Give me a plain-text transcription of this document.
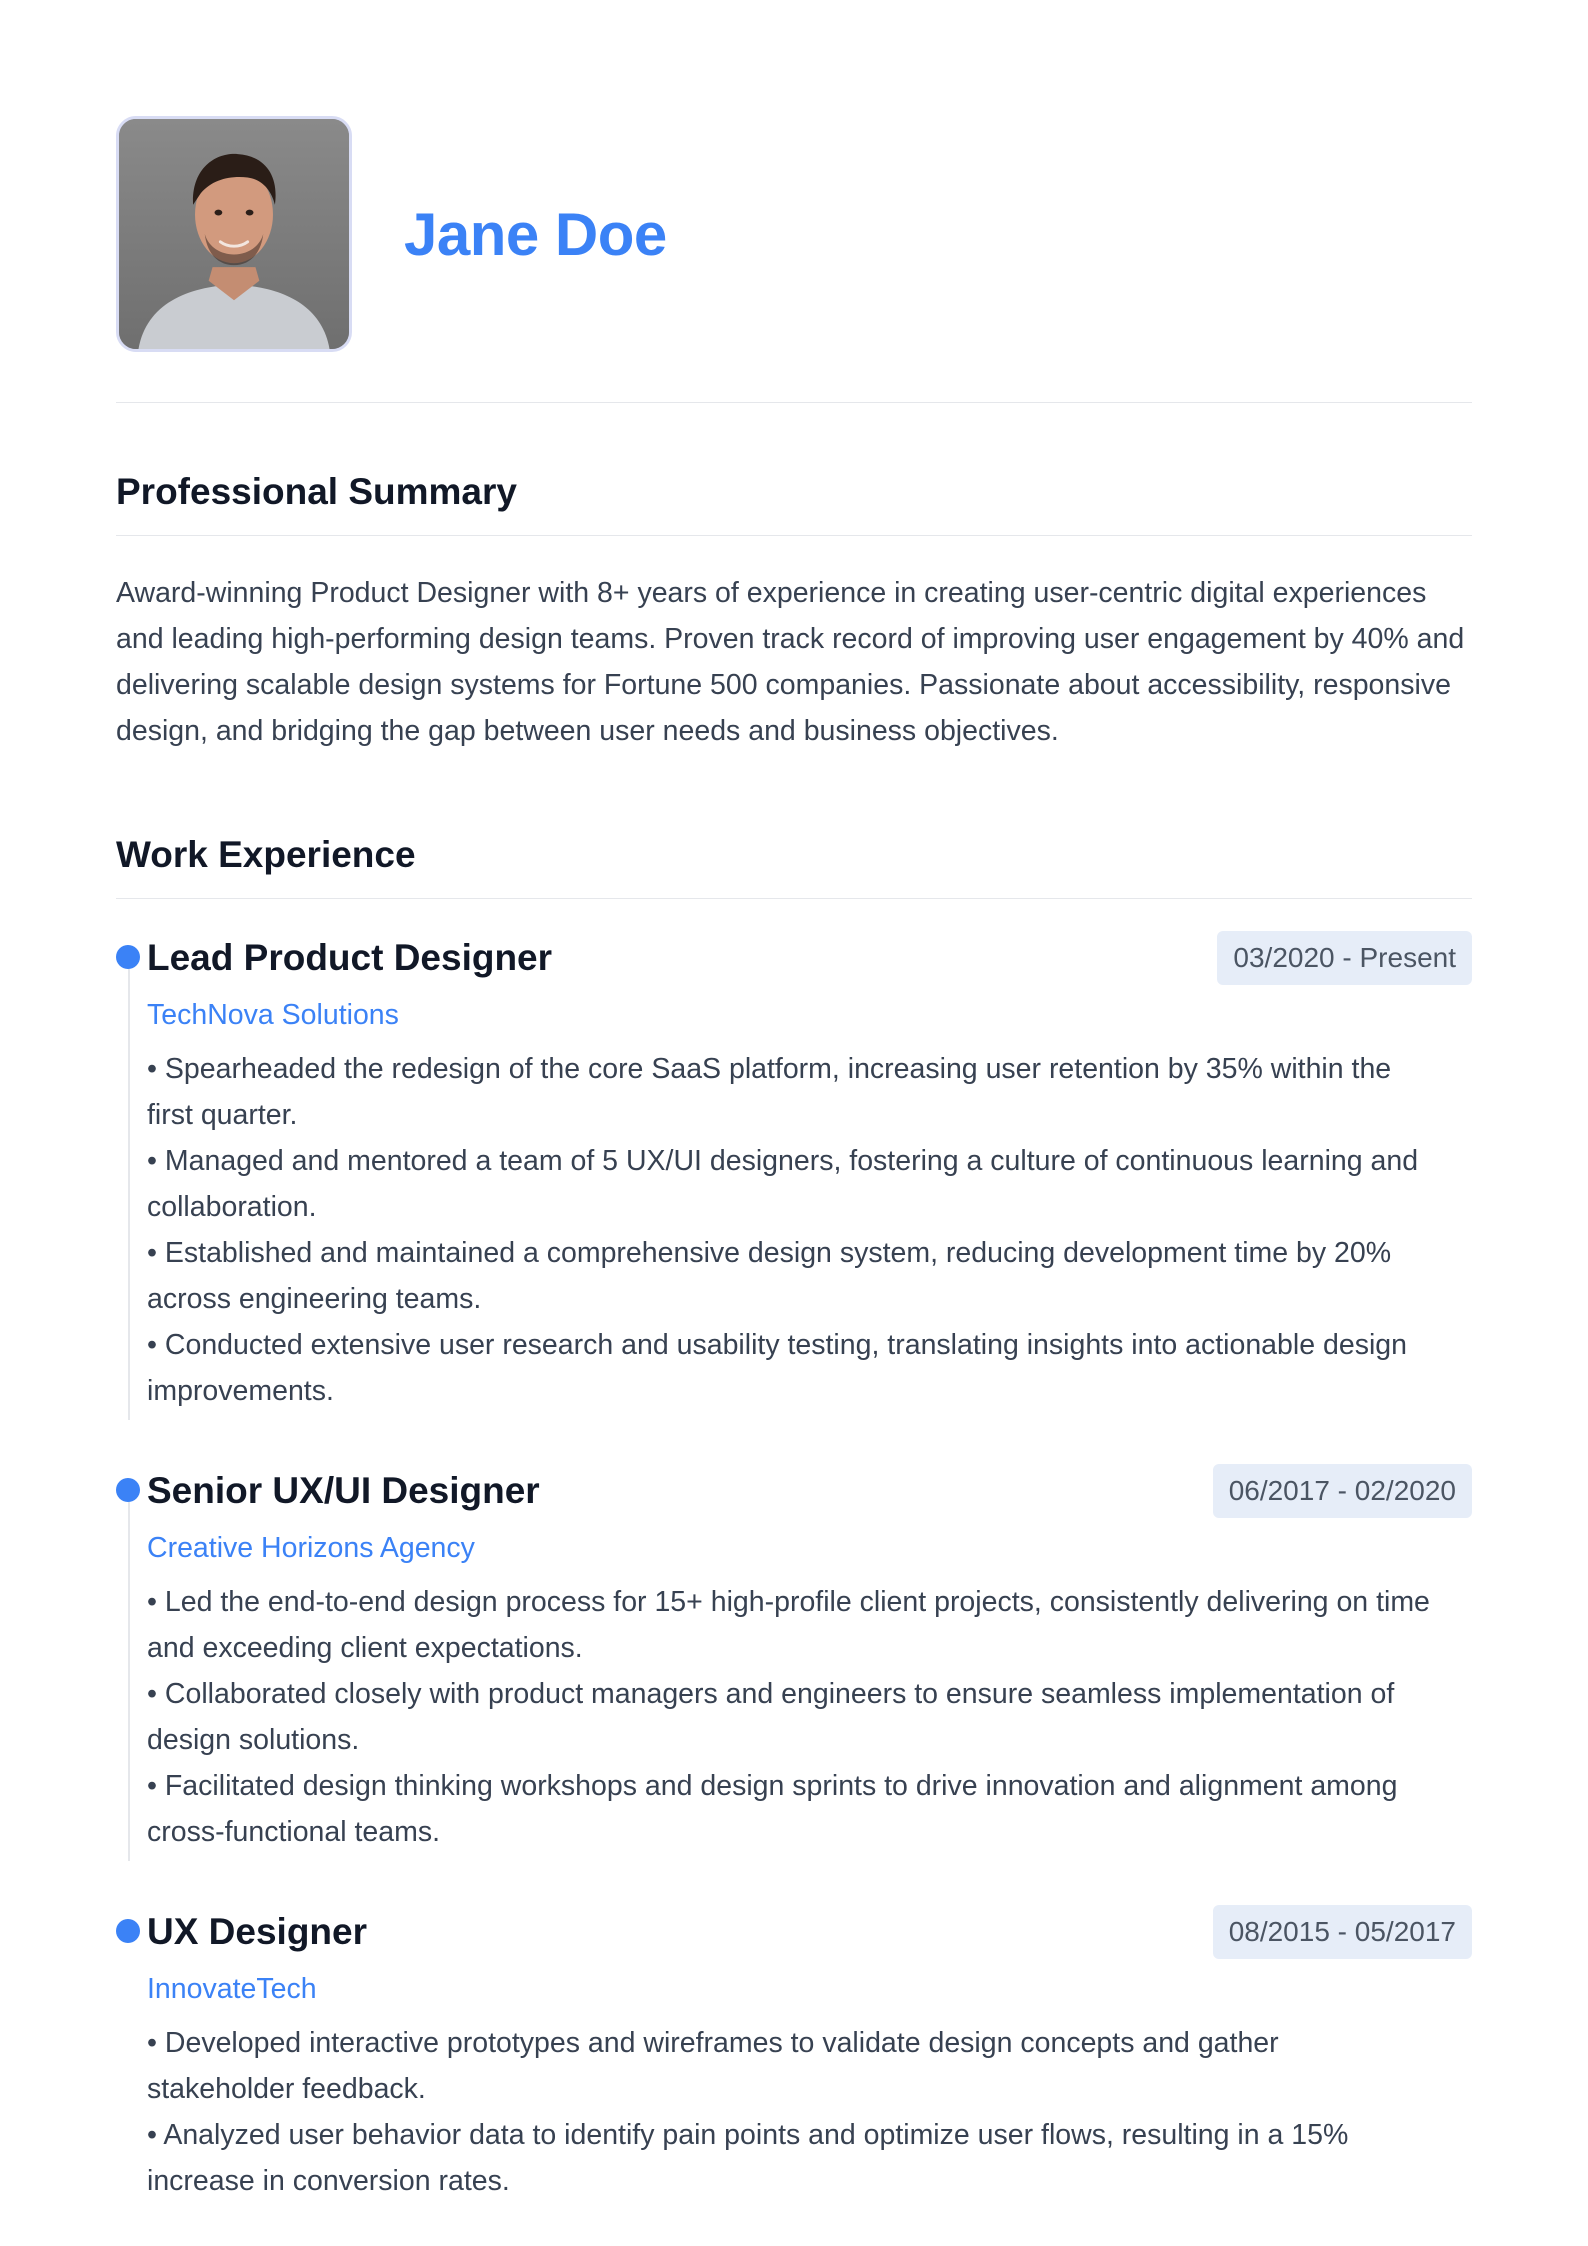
Jane Doe
Professional Summary

Award-winning Product Designer with 8+ years of experience in creating user-centric digital experiences and leading high-performing design teams. Proven track record of improving user engagement by 40% and delivering scalable design systems for Fortune 500 companies. Passionate about accessibility, responsive design, and bridging the gap between user needs and business objectives.

Work Experience
Lead Product Designer	03/2020 - Present
TechNova Solutions
• Spearheaded the redesign of the core SaaS platform, increasing user retention by 35% within the first quarter.
• Managed and mentored a team of 5 UX/UI designers, fostering a culture of continuous learning and collaboration.
• Established and maintained a comprehensive design system, reducing development time by 20% across engineering teams.
• Conducted extensive user research and usability testing, translating insights into actionable design improvements.
Senior UX/UI Designer	06/2017 - 02/2020
Creative Horizons Agency
• Led the end-to-end design process for 15+ high-profile client projects, consistently delivering on time and exceeding client expectations.
• Collaborated closely with product managers and engineers to ensure seamless implementation of design solutions.
• Facilitated design thinking workshops and design sprints to drive innovation and alignment among cross-functional teams.
UX Designer	08/2015 - 05/2017
InnovateTech
• Developed interactive prototypes and wireframes to validate design concepts and gather stakeholder feedback.
• Analyzed user behavior data to identify pain points and optimize user flows, resulting in a 15% increase in conversion rates.
